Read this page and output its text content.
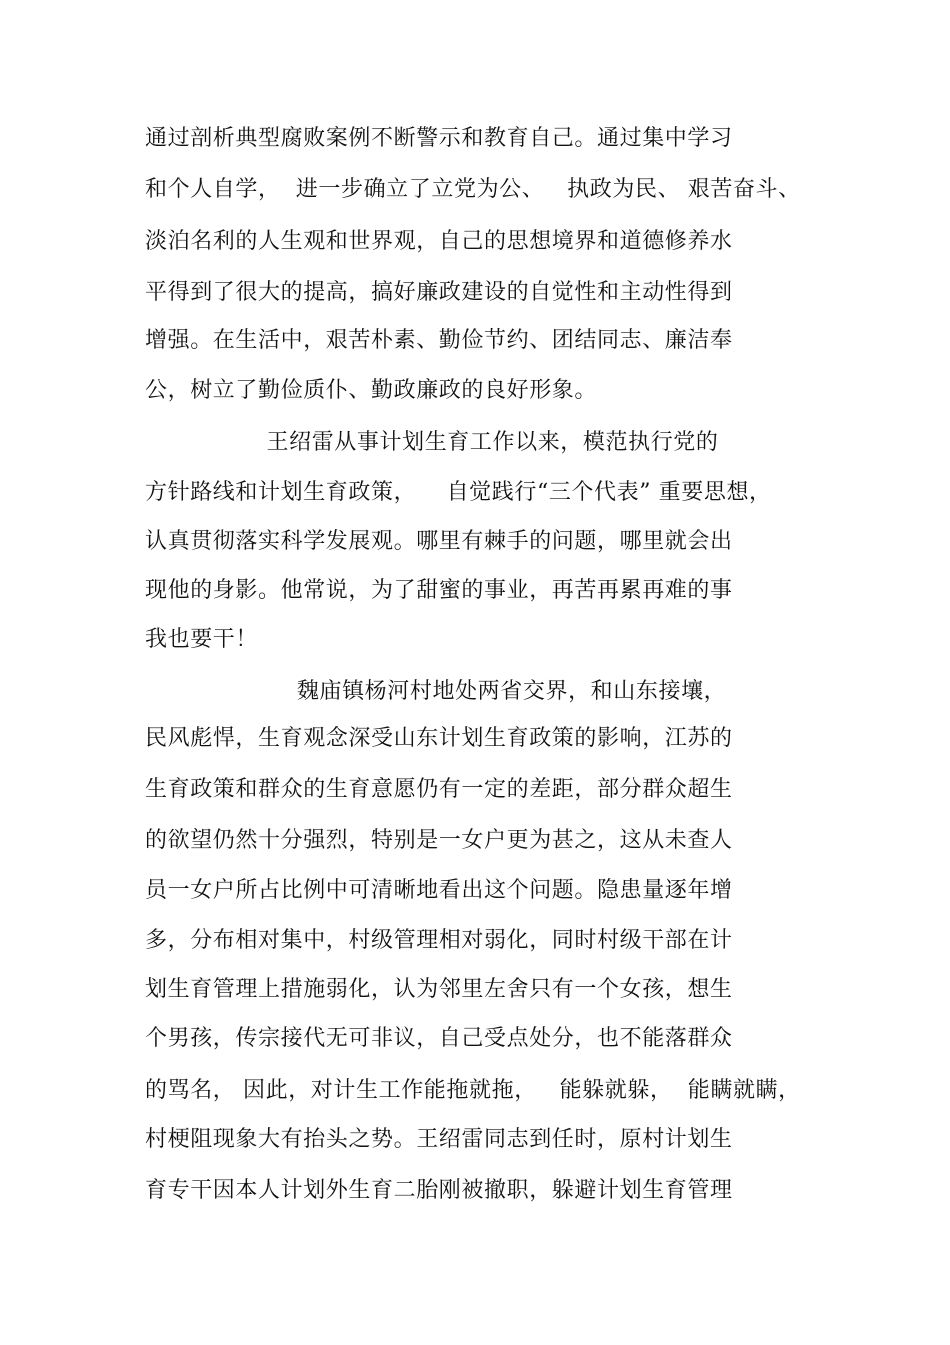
通过剖析典型腐败案例不断警示和教育自己。通过集中学习
和个人自学，  进一步确立了立党为公、   执政为民、 艰苦奋斗、
淡泊名利的人生观和世界观，自己的思想境界和道德修养水
平得到了很大的提高，搞好廉政建设的自觉性和主动性得到
增强。在生活中，艰苦朴素、勤俭节约、团结同志、廉洁奉
公，树立了勤俭质仆、勤政廉政的良好形象。
王绍雷从事计划生育工作以来，模范执行党的
方针路线和计划生育政策，    自觉践行“三个代表” 重要思想，
认真贯彻落实科学发展观。哪里有棘手的问题，哪里就会出
现他的身影。他常说，为了甜蜜的事业，再苦再累再难的事
我也要干！
魏庙镇杨河村地处两省交界，和山东接壤，
民风彪悍，生育观念深受山东计划生育政策的影响，江苏的
生育政策和群众的生育意愿仍有一定的差距，部分群众超生
的欲望仍然十分强烈，特别是一女户更为甚之，这从未查人
员一女户所占比例中可清晰地看出这个问题。隐患量逐年增
多，分布相对集中，村级管理相对弱化，同时村级干部在计
划生育管理上措施弱化，认为邻里左舍只有一个女孩，想生
个男孩，传宗接代无可非议，自己受点处分，也不能落群众
的骂名， 因此，对计生工作能拖就拖，   能躲就躲，  能瞒就瞒，
村梗阻现象大有抬头之势。王绍雷同志到任时，原村计划生
育专干因本人计划外生育二胎刚被撤职，躲避计划生育管理
